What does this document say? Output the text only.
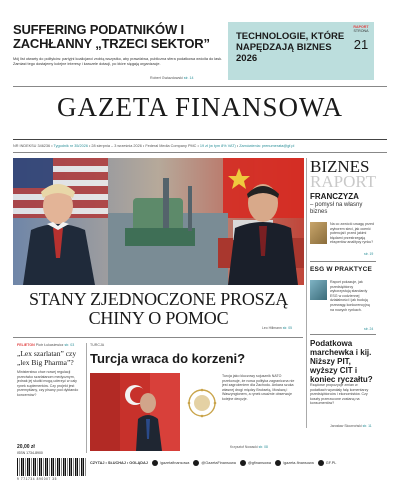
SUFFERING PODATNIKÓW I ZACHŁANNY „TRZECI SEKTOR”
Mój list otwarty do polityków: partyjni koalicjanci zrobią wszystko, aby prawdziwa, publiczna sfera podatkowa wróciła do łask. Zamiast tego dostajemy kolejne interesy i karuzele dotacji, po które sięgają organizacje.
Robert Gwiazdowski str. 14
TECHNOLOGIE, KTÓRE NAPĘDZAJĄ BIZNES 2026
RAPORT
STRONA
21
GAZETA FINANSOWA
NR INDEKSU 346236 • Tygodnik nr 35/2026 • 28 sierpnia – 3 września 2026 • Federal Media Company PMC • 19 zł (w tym 8% VAT) • Zamówienia: prenumerata@gf.pl
STANY ZJEDNOCZONE PROSZĄ CHINY O POMOC	Leo Hillmann str. 05
BIZNES
RAPORT
FRANCZYZA
– pomysł na własny biznes
Na co zwrócić uwagę przed wyborem sieci, jak ocenić potencjał i przed jakimi błędami przestrzegają ekspertów analitycy rynku?
str. 19
ESG W PRAKTYCE
Raport pokazuje, jak przedsiębiorcy wykorzystują standardy ESG w codziennej działalności i jak budują przewagę konkurencyjną na nowych rynkach.
str. 24
Podatkowa marchewka i kij. Niższy PIT, wyższy CIT i koniec ryczałtu?
Rządowe propozycje zmian w podatkach wywołały falę komentarzy przedsiębiorców i ekonomistów. Czy koszty przerzucone zostaną na konsumentów?
Jarosław Skowroński str. 11
FELIETON Piotr Łukasiewicz str. 03
„Lex szarlatan” czy „lex Big Pharma”?
Ministerstwo chce nowej regulacji przeciwko szarlatanom medycznym, jednak jej skutki mogą uderzyć w cały rynek suplementów. Czy projekt jest przemyślany, czy pisany pod dyktando koncernów?
20,00 zł
ISSN 1734-8900
9 771734 890007 35
TURCJA
Turcja wraca do korzeni?
Turcja jako kluczowy sojusznik NATO przekonuje, że nowa polityka zagraniczna nie jest zagrożeniem dla Zachodu. Ankara szuka własnej drogi między Brukselą, Moskwą i Waszyngtonem, a rynek uważnie obserwuje kolejne decyzje.
Krzysztof Nowacki str. 08
CZYTAJ • SŁUCHAJ • OGLĄDAJ	/gazetafinansowa	@GazetaFinansowa	@gfinansowa	/gazeta-finansowa	GF.PL
